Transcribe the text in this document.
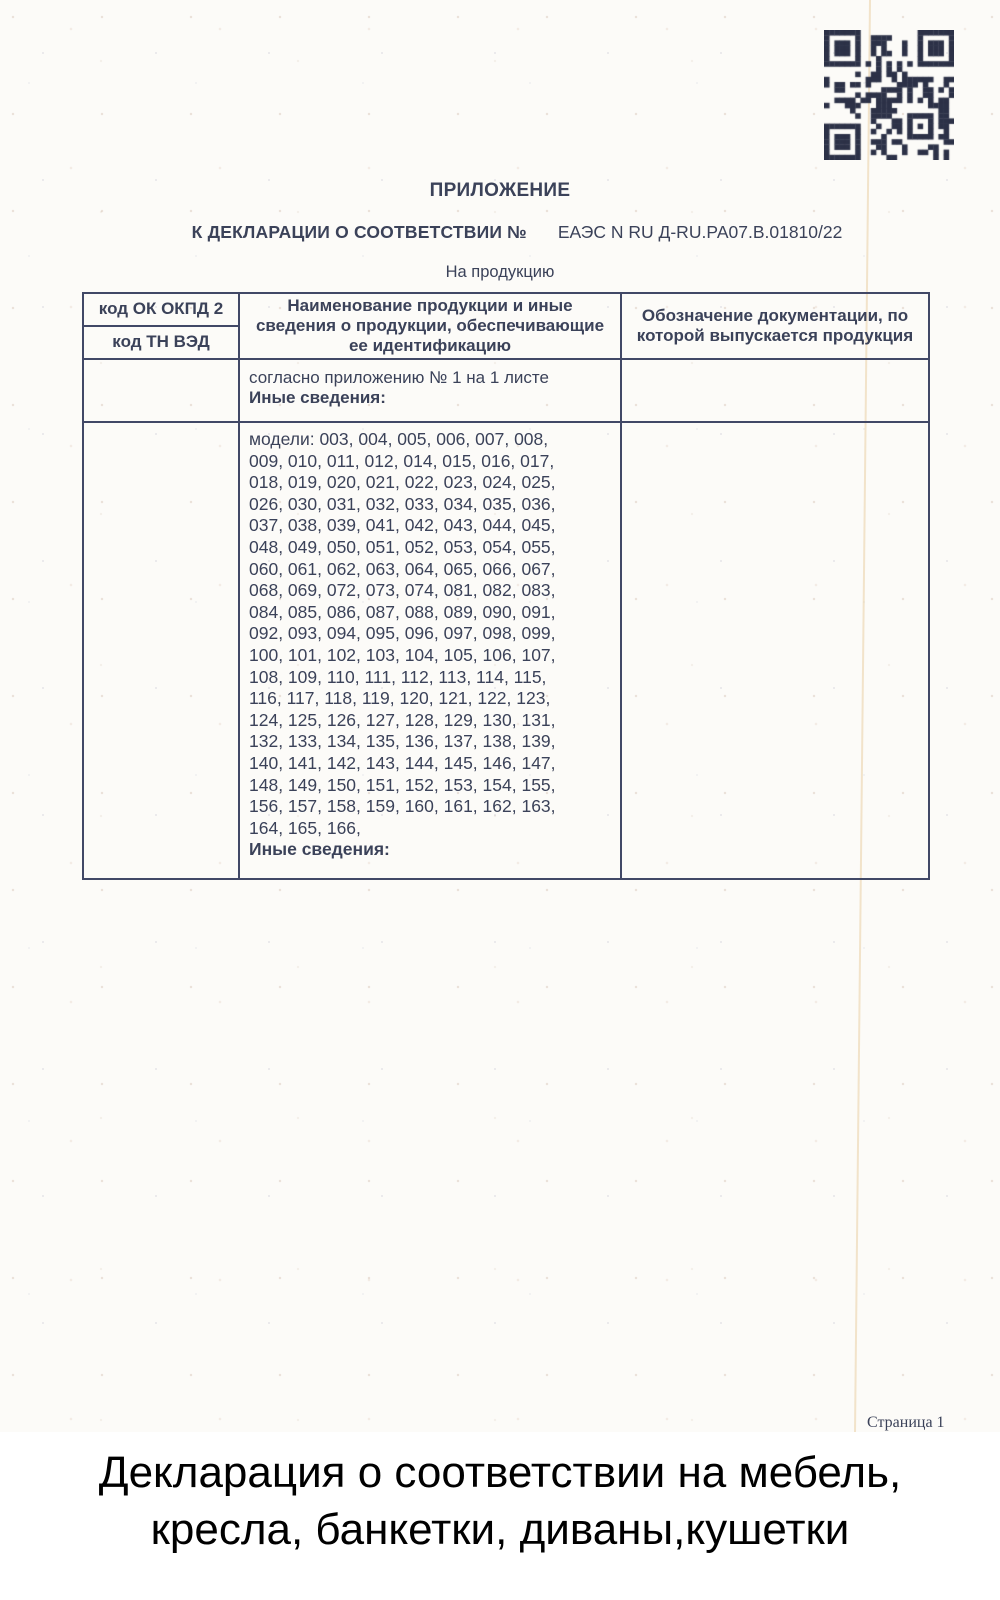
ПРИЛОЖЕНИЕ
К ДЕКЛАРАЦИИ О СООТВЕТСТВИИ № ЕАЭС N RU Д-RU.РА07.В.01810/22
На продукцию
код ОК ОКПД 2
код ТН ВЭД
Наименование продукции и иные сведения о продукции, обеспечивающие ее идентификацию
Обозначение документации, по которой выпускается продукция
согласно приложению № 1 на 1 листе
Иные сведения:
модели: 003, 004, 005, 006, 007, 008,
009, 010, 011, 012, 014, 015, 016, 017,
018, 019, 020, 021, 022, 023, 024, 025,
026, 030, 031, 032, 033, 034, 035, 036,
037, 038, 039, 041, 042, 043, 044, 045,
048, 049, 050, 051, 052, 053, 054, 055,
060, 061, 062, 063, 064, 065, 066, 067,
068, 069, 072, 073, 074, 081, 082, 083,
084, 085, 086, 087, 088, 089, 090, 091,
092, 093, 094, 095, 096, 097, 098, 099,
100, 101, 102, 103, 104, 105, 106, 107,
108, 109, 110, 111, 112, 113, 114, 115,
116, 117, 118, 119, 120, 121, 122, 123,
124, 125, 126, 127, 128, 129, 130, 131,
132, 133, 134, 135, 136, 137, 138, 139,
140, 141, 142, 143, 144, 145, 146, 147,
148, 149, 150, 151, 152, 153, 154, 155,
156, 157, 158, 159, 160, 161, 162, 163,
164, 165, 166,
Иные сведения:
Страница 1
Декларация о соответствии на мебель,
кресла, банкетки, диваны,кушетки
